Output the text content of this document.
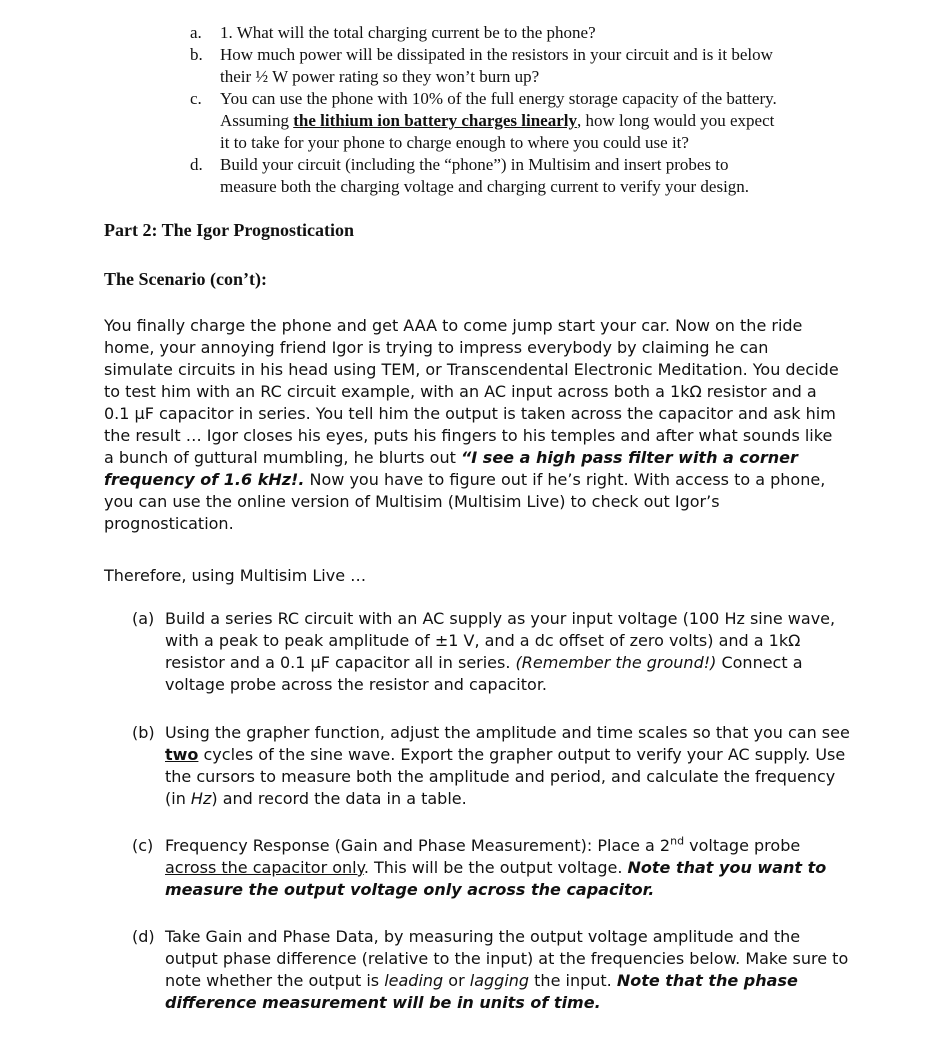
a.	1. What will the total charging current be to the phone?
b.	How much power will be dissipated in the resistors in your circuit and is it below
their ½ W power rating so they won’t burn up?
c.	You can use the phone with 10% of the full energy storage capacity of the battery.
Assuming the lithium ion battery charges linearly, how long would you expect
it to take for your phone to charge enough to where you could use it?
d.	Build your circuit (including the “phone”) in Multisim and insert probes to
measure both the charging voltage and charging current to verify your design.
Part 2: The Igor Prognostication
The Scenario (con’t):
You finally charge the phone and get AAA to come jump start your car. Now on the ride home, your annoying friend Igor is trying to impress everybody by claiming he can simulate circuits in his head using TEM, or Transcendental Electronic Meditation. You decide to test him with an RC circuit example, with an AC input across both a 1kΩ resistor and a 0.1 µF capacitor in series. You tell him the output is taken across the capacitor and ask him the result … Igor closes his eyes, puts his fingers to his temples and after what sounds like a bunch of guttural mumbling, he blurts out “I see a high pass filter with a corner frequency of 1.6 kHz!. Now you have to figure out if he’s right. With access to a phone, you can use the online version of Multisim (Multisim Live) to check out Igor’s prognostication.
Therefore, using Multisim Live …
(a) Build a series RC circuit with an AC supply as your input voltage (100 Hz sine wave, with a peak to peak amplitude of ±1 V, and a dc offset of zero volts) and a 1kΩ resistor and a 0.1 µF capacitor all in series. (Remember the ground!) Connect a voltage probe across the resistor and capacitor.
(b) Using the grapher function, adjust the amplitude and time scales so that you can see two cycles of the sine wave. Export the grapher output to verify your AC supply. Use the cursors to measure both the amplitude and period, and calculate the frequency (in Hz) and record the data in a table.
(c) Frequency Response (Gain and Phase Measurement): Place a 2nd voltage probe across the capacitor only. This will be the output voltage. Note that you want to measure the output voltage only across the capacitor.
(d) Take Gain and Phase Data, by measuring the output voltage amplitude and the output phase difference (relative to the input) at the frequencies below. Make sure to note whether the output is leading or lagging the input. Note that the phase difference measurement will be in units of time.
